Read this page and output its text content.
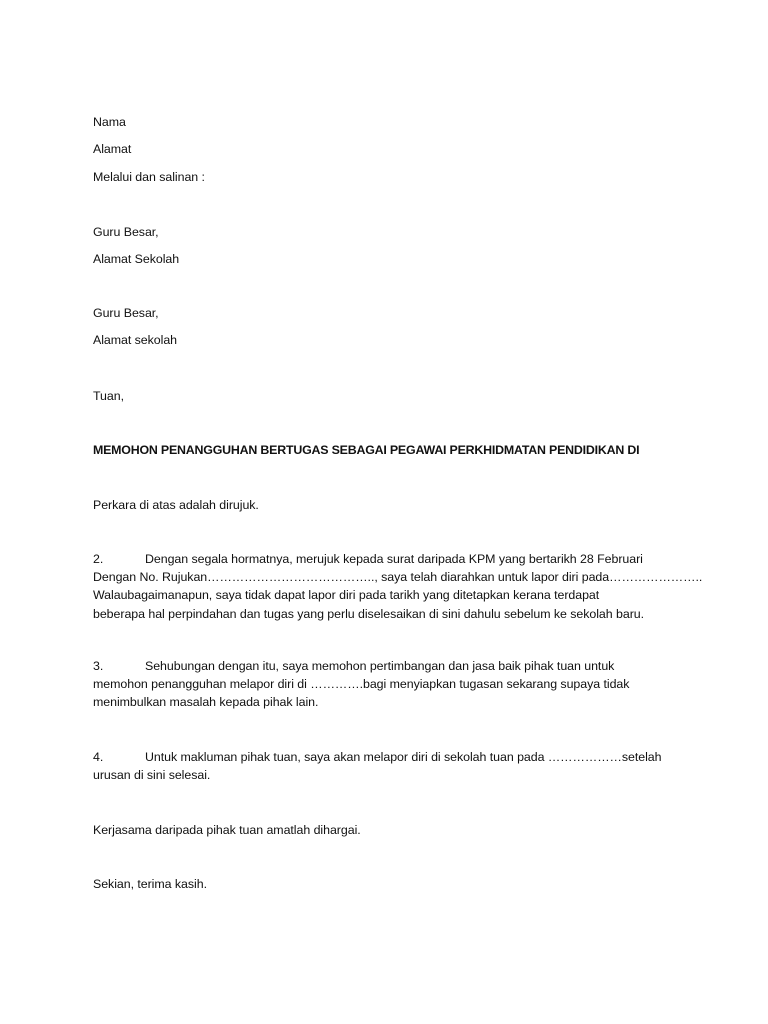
Nama
Alamat
Melalui dan salinan :
Guru Besar,
Alamat Sekolah
Guru Besar,
Alamat sekolah
Tuan,
MEMOHON PENANGGUHAN BERTUGAS SEBAGAI PEGAWAI PERKHIDMATAN PENDIDIKAN DI
Perkara di atas adalah dirujuk.
2.	Dengan segala hormatnya, merujuk kepada surat daripada KPM yang bertarikh 28 Februari
Dengan No. Rujukan………………………………….., saya telah diarahkan untuk lapor diri pada…………………..
Walaubagaimanapun, saya tidak dapat lapor diri pada tarikh yang ditetapkan kerana terdapat
beberapa hal perpindahan dan tugas yang perlu diselesaikan di sini dahulu sebelum ke sekolah baru.
3.	Sehubungan dengan itu, saya memohon pertimbangan dan jasa baik pihak tuan untuk
memohon penangguhan melapor diri di ………….bagi menyiapkan tugasan sekarang supaya tidak
menimbulkan masalah kepada pihak lain.
4.	Untuk makluman pihak tuan, saya akan melapor diri di sekolah tuan pada ………………setelah
urusan di sini selesai.
Kerjasama daripada pihak tuan amatlah dihargai.
Sekian, terima kasih.
